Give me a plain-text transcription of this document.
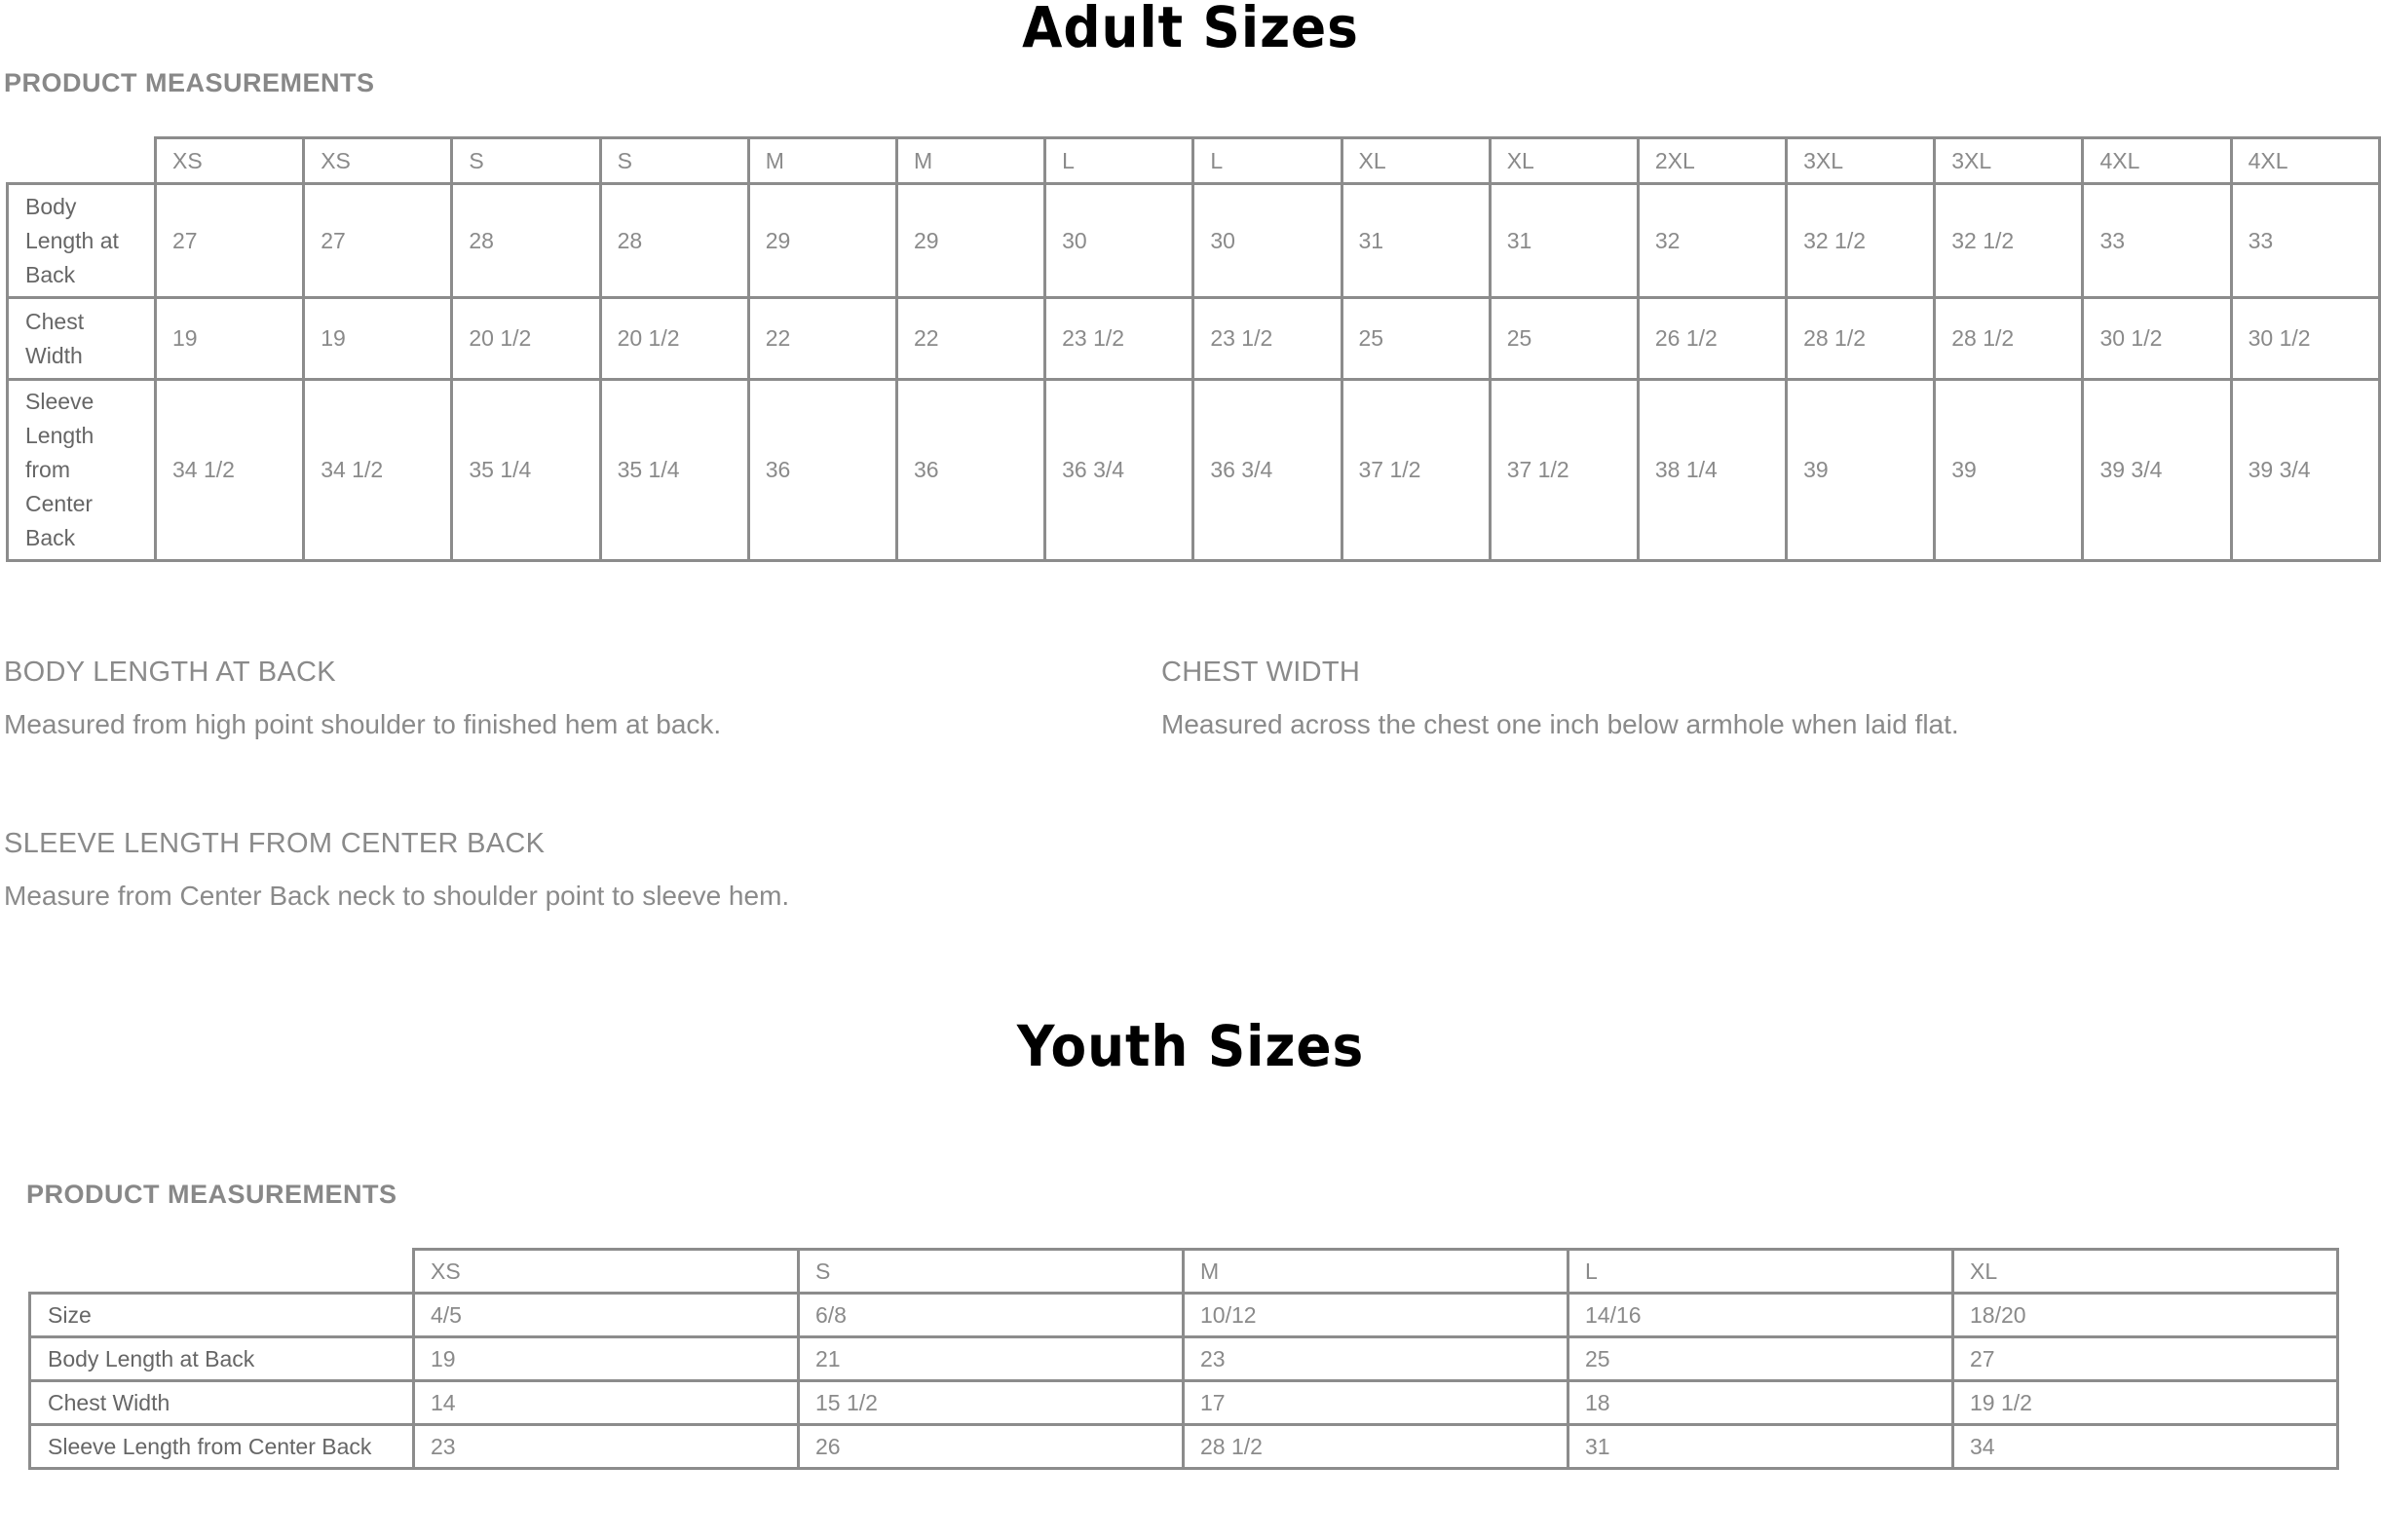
Adult Sizes
PRODUCT MEASUREMENTS
	XS	XS	S	S	M	M	L	L	XL	XL	2XL	3XL	3XL	4XL	4XL

Body
Length at
Back	27	27	28	28	29	29	30	30	31	31	32	32 1/2	32 1/2	33	33

Chest
Width	19	19	20 1/2	20 1/2	22	22	23 1/2	23 1/2	25	25	26 1/2	28 1/2	28 1/2	30 1/2	30 1/2

Sleeve
Length
from
Center
Back	34 1/2	34 1/2	35 1/4	35 1/4	36	36	36 3/4	36 3/4	37 1/2	37 1/2	38 1/4	39	39	39 3/4	39 3/4
BODY LENGTH AT BACK
Measured from high point shoulder to finished hem at back.
CHEST WIDTH
Measured across the chest one inch below armhole when laid flat.
SLEEVE LENGTH FROM CENTER BACK
Measure from Center Back neck to shoulder point to sleeve hem.
Youth Sizes
PRODUCT MEASUREMENTS
	XS	S	M	L	XL
Size	4/5	6/8	10/12	14/16	18/20
Body Length at Back	19	21	23	25	27
Chest Width	14	15 1/2	17	18	19 1/2
Sleeve Length from Center Back	23	26	28 1/2	31	34
